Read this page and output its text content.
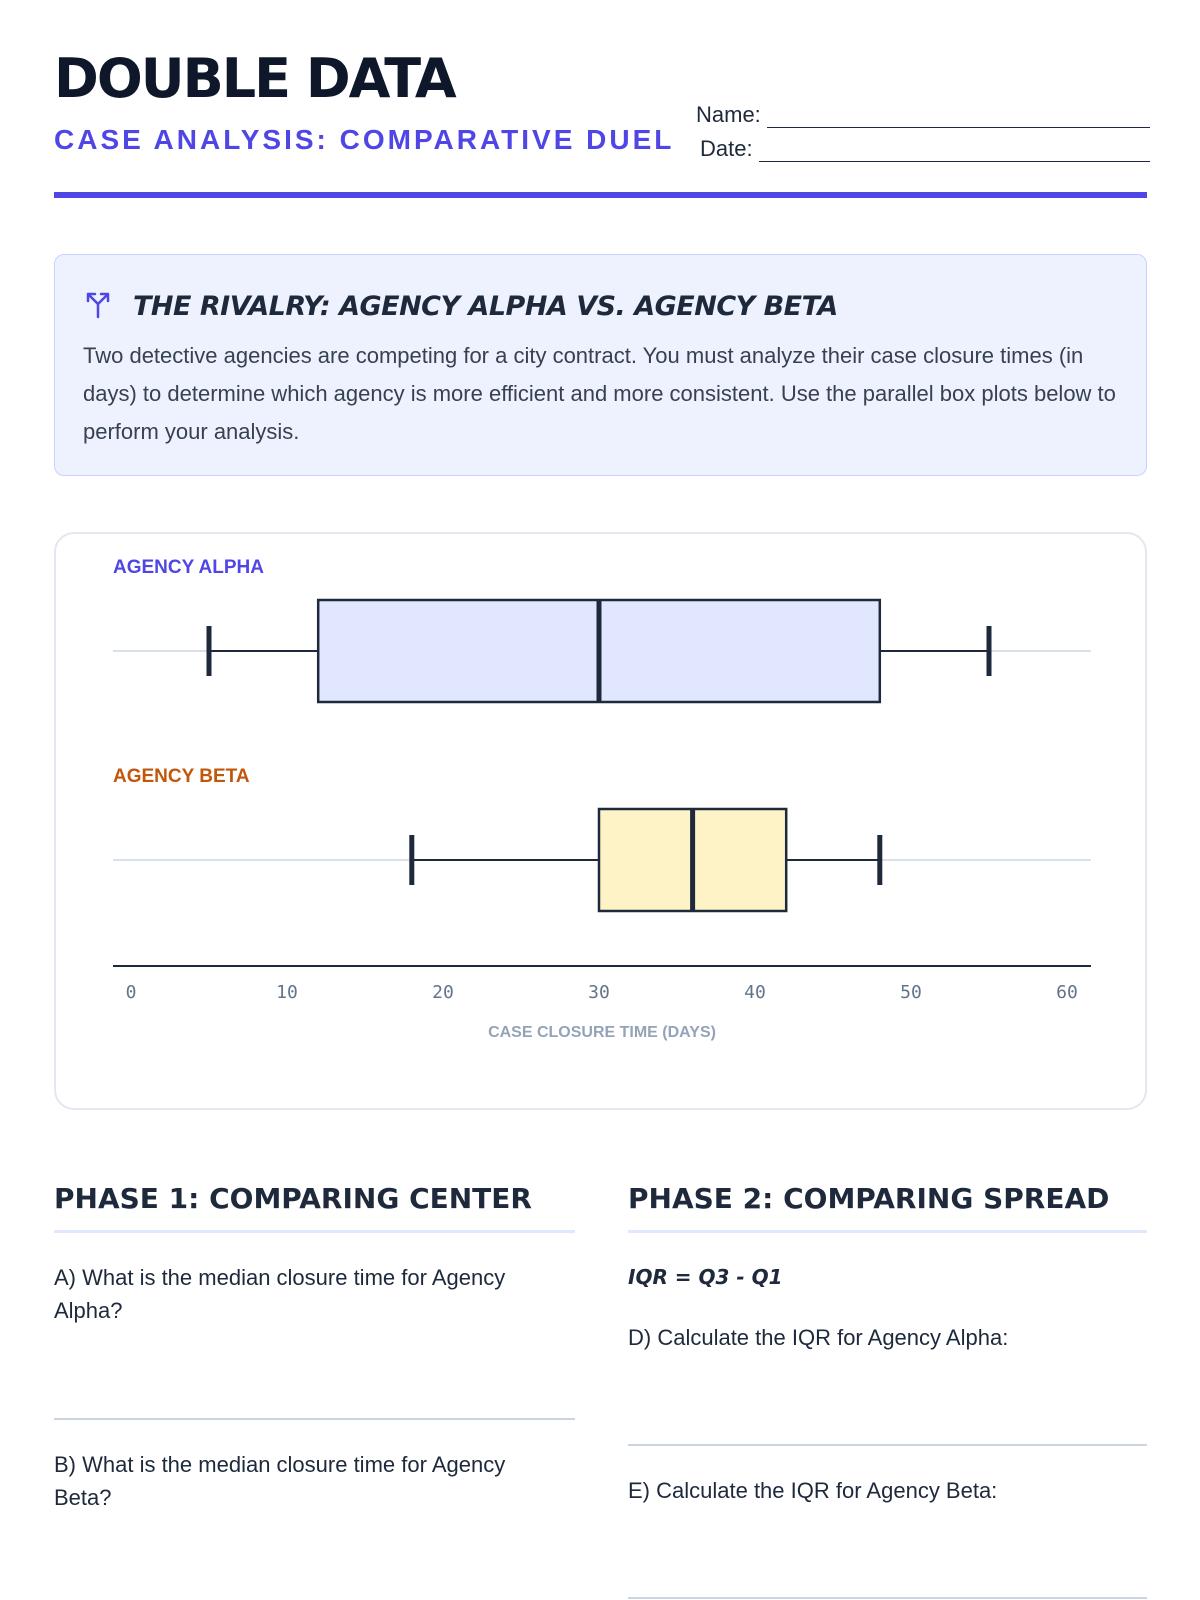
DOUBLE DATA
CASE ANALYSIS: COMPARATIVE DUEL
Name:
Date:
THE RIVALRY: AGENCY ALPHA VS. AGENCY BETA
Two detective agencies are competing for a city contract. You must analyze their case closure times (in days) to determine which agency is more efficient and more consistent. Use the parallel box plots below to perform your analysis.
AGENCY ALPHA
AGENCY BETA
0	10	20	30	40	50	60
CASE CLOSURE TIME (DAYS)
PHASE 1: COMPARING CENTER
A) What is the median closure time for Agency Alpha?
B) What is the median closure time for Agency Beta?
PHASE 2: COMPARING SPREAD
IQR = Q3 - Q1
D) Calculate the IQR for Agency Alpha:
E) Calculate the IQR for Agency Beta:
